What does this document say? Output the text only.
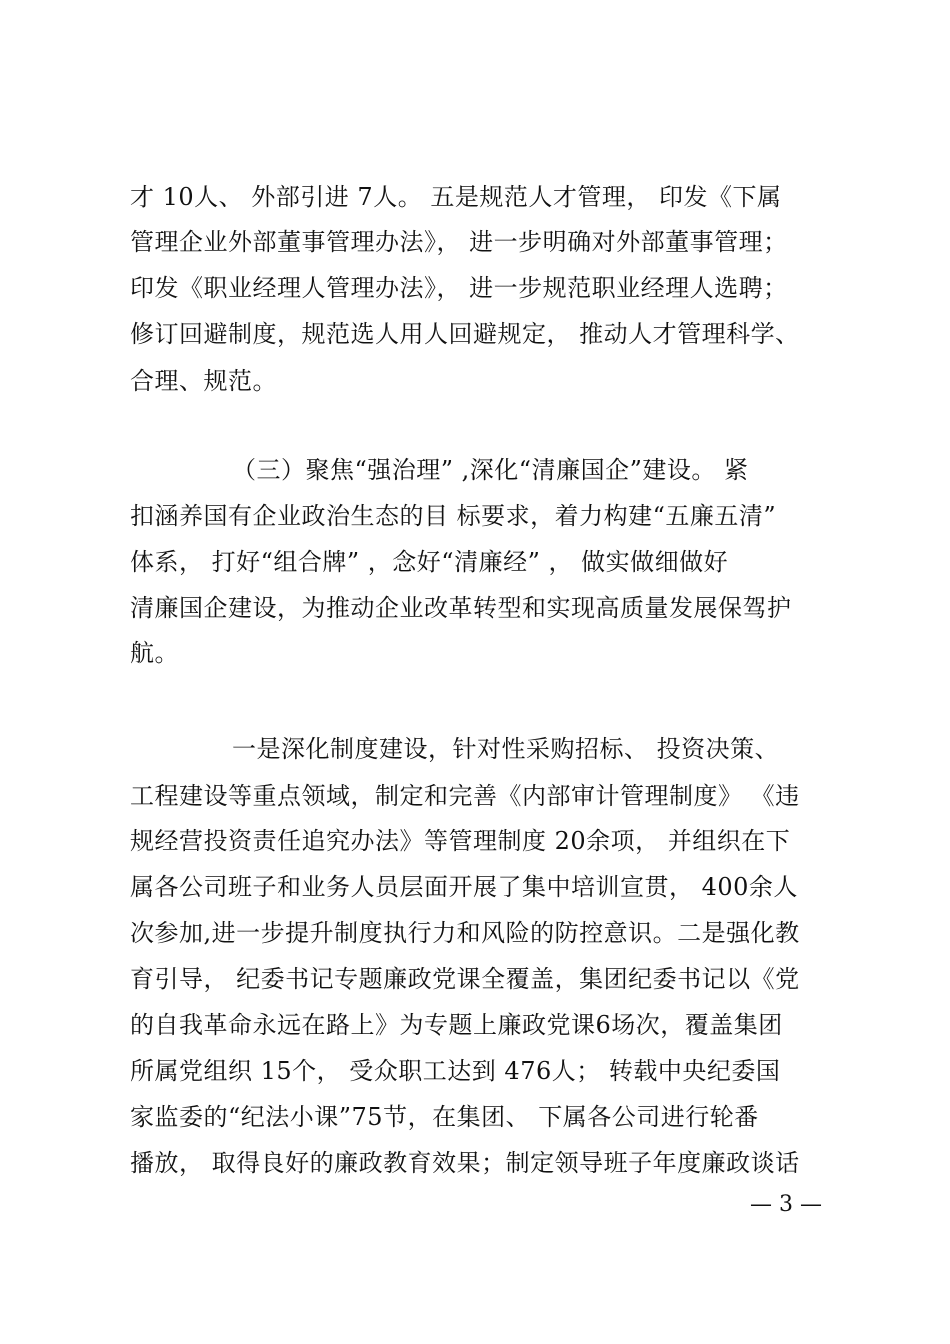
才 10人、 外部引进 7人。 五是规范人才管理， 印发《下属
管理企业外部董事管理办法》， 进一步明确对外部董事管理；
印发《职业经理人管理办法》， 进一步规范职业经理人选聘；
修订回避制度，规范选人用人回避规定， 推动人才管理科学、
合理、规范。
（三）聚焦“强治理” ,深化“清廉国企”建设。 紧
扣涵养国有企业政治生态的目 标要求，着力构建“五廉五清”
体系， 打好“组合牌” ，念好“清廉经” ， 做实做细做好
清廉国企建设，为推动企业改革转型和实现高质量发展保驾护
航。
一是深化制度建设，针对性采购招标、 投资决策、
工程建设等重点领域，制定和完善《内部审计管理制度》 《违
规经营投资责任追究办法》等管理制度 20余项， 并组织在下
属各公司班子和业务人员层面开展了集中培训宣贯， 400余人
次参加,进一步提升制度执行力和风险的防控意识。二是强化教
育引导， 纪委书记专题廉政党课全覆盖，集团纪委书记以《党
的自我革命永远在路上》为专题上廉政党课6场次，覆盖集团
所属党组织 15个， 受众职工达到 476人； 转载中央纪委国
家监委的“纪法小课”75节，在集团、 下属各公司进行轮番
播放， 取得良好的廉政教育效果；制定领导班子年度廉政谈话
— 3 —
